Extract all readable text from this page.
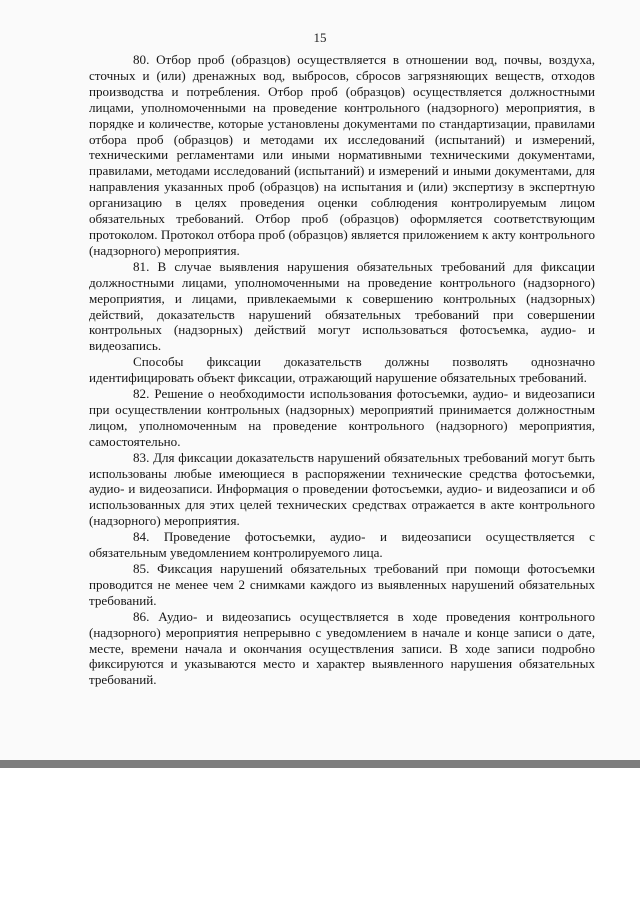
15

80. Отбор проб (образцов) осуществляется в отношении вод, почвы, воздуха, сточных и (или) дренажных вод, выбросов, сбросов загрязняющих веществ, отходов производства и потребления. Отбор проб (образцов) осуществляется должностными лицами, уполномоченными на проведение контрольного (надзорного) мероприятия, в порядке и количестве, которые установлены документами по стандартизации, правилами отбора проб (образцов) и методами их исследований (испытаний) и измерений, техническими регламентами или иными нормативными техническими документами, правилами, методами исследований (испытаний) и измерений и иными документами, для направления указанных проб (образцов) на испытания и (или) экспертизу в экспертную организацию в целях проведения оценки соблюдения контролируемым лицом обязательных требований. Отбор проб (образцов) оформляется соответствующим протоколом. Протокол отбора проб (образцов) является приложением к акту контрольного (надзорного) мероприятия.

81. В случае выявления нарушения обязательных требований для фиксации должностными лицами, уполномоченными на проведение контрольного (надзорного) мероприятия, и лицами, привлекаемыми к совершению контрольных (надзорных) действий, доказательств нарушений обязательных требований при совершении контрольных (надзорных) действий могут использоваться фотосъемка, аудио- и видеозапись.

Способы фиксации доказательств должны позволять однозначно идентифицировать объект фиксации, отражающий нарушение обязательных требований.

82. Решение о необходимости использования фотосъемки, аудио- и видеозаписи при осуществлении контрольных (надзорных) мероприятий принимается должностным лицом, уполномоченным на проведение контрольного (надзорного) мероприятия, самостоятельно.

83. Для фиксации доказательств нарушений обязательных требований могут быть использованы любые имеющиеся в распоряжении технические средства фотосъемки, аудио- и видеозаписи. Информация о проведении фотосъемки, аудио- и видеозаписи и об использованных для этих целей технических средствах отражается в акте контрольного (надзорного) мероприятия.

84. Проведение фотосъемки, аудио- и видеозаписи осуществляется с обязательным уведомлением контролируемого лица.

85. Фиксация нарушений обязательных требований при помощи фотосъемки проводится не менее чем 2 снимками каждого из выявленных нарушений обязательных требований.

86. Аудио- и видеозапись осуществляется в ходе проведения контрольного (надзорного) мероприятия непрерывно с уведомлением в начале и конце записи о дате, месте, времени начала и окончания осуществления записи. В ходе записи подробно фиксируются и указываются место и характер выявленного нарушения обязательных требований.
